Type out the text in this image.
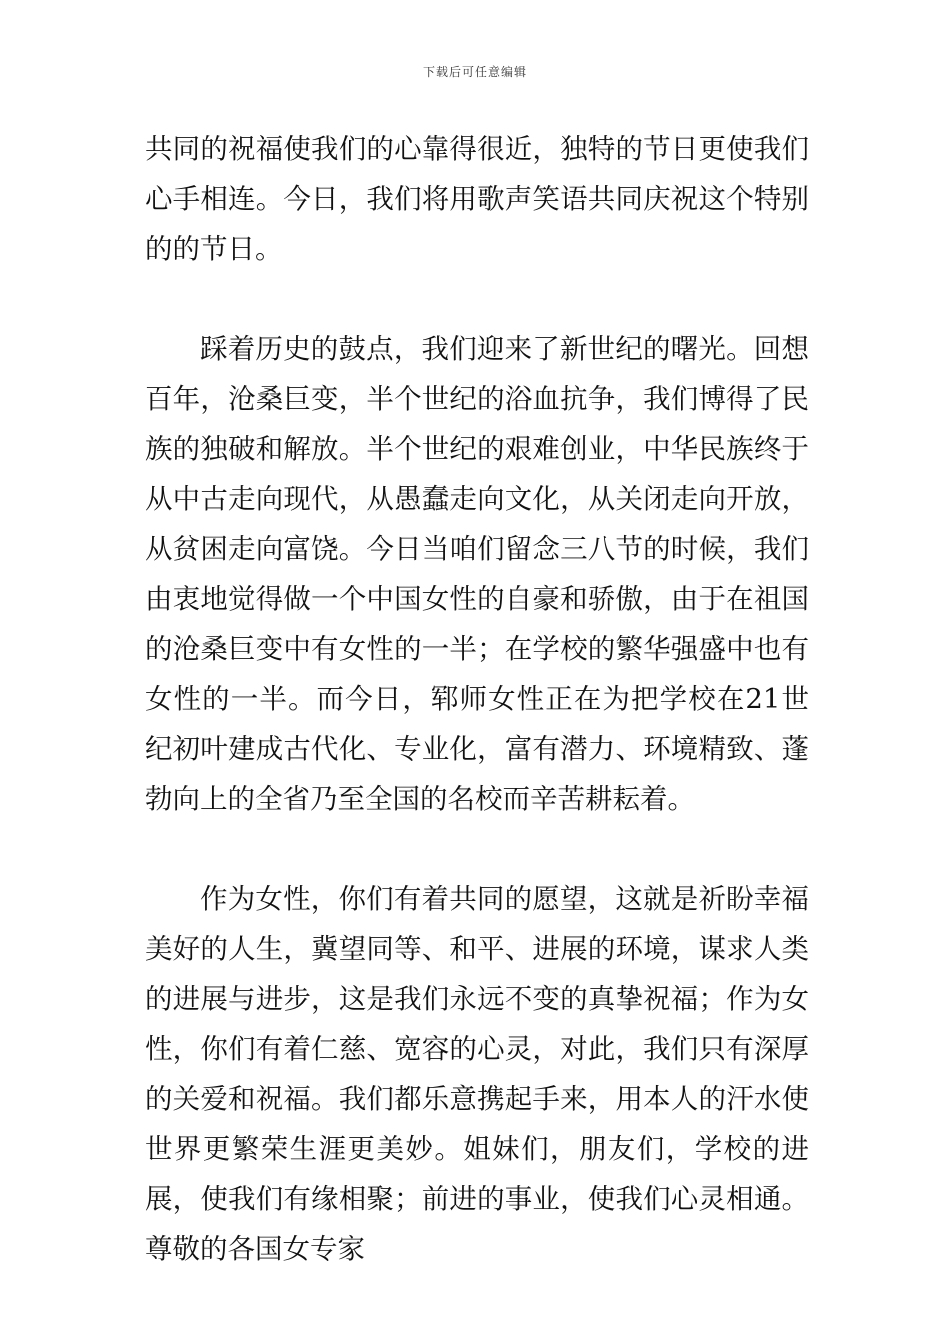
下载后可任意编辑

共同的祝福使我们的心靠得很近，独特的节日更使我们心手相连。今日，我们将用歌声笑语共同庆祝这个特别的的节日。

踩着历史的鼓点，我们迎来了新世纪的曙光。回想百年，沧桑巨变，半个世纪的浴血抗争，我们博得了民族的独破和解放。半个世纪的艰难创业，中华民族终于从中古走向现代，从愚蠢走向文化，从关闭走向开放，从贫困走向富饶。今日当咱们留念三八节的时候，我们由衷地觉得做一个中国女性的自豪和骄傲，由于在祖国的沧桑巨变中有女性的一半；在学校的繁华强盛中也有女性的一半。而今日，郓师女性正在为把学校在21世纪初叶建成古代化、专业化，富有潜力、环境精致、蓬勃向上的全省乃至全国的名校而辛苦耕耘着。

作为女性，你们有着共同的愿望，这就是祈盼幸福美好的人生，冀望同等、和平、进展的环境，谋求人类的进展与进步，这是我们永远不变的真挚祝福；作为女性，你们有着仁慈、宽容的心灵，对此，我们只有深厚的关爱和祝福。我们都乐意携起手来，用本人的汗水使世界更繁荣生涯更美妙。姐妹们，朋友们，学校的进展，使我们有缘相聚；前进的事业，使我们心灵相通。尊敬的各国女专家
